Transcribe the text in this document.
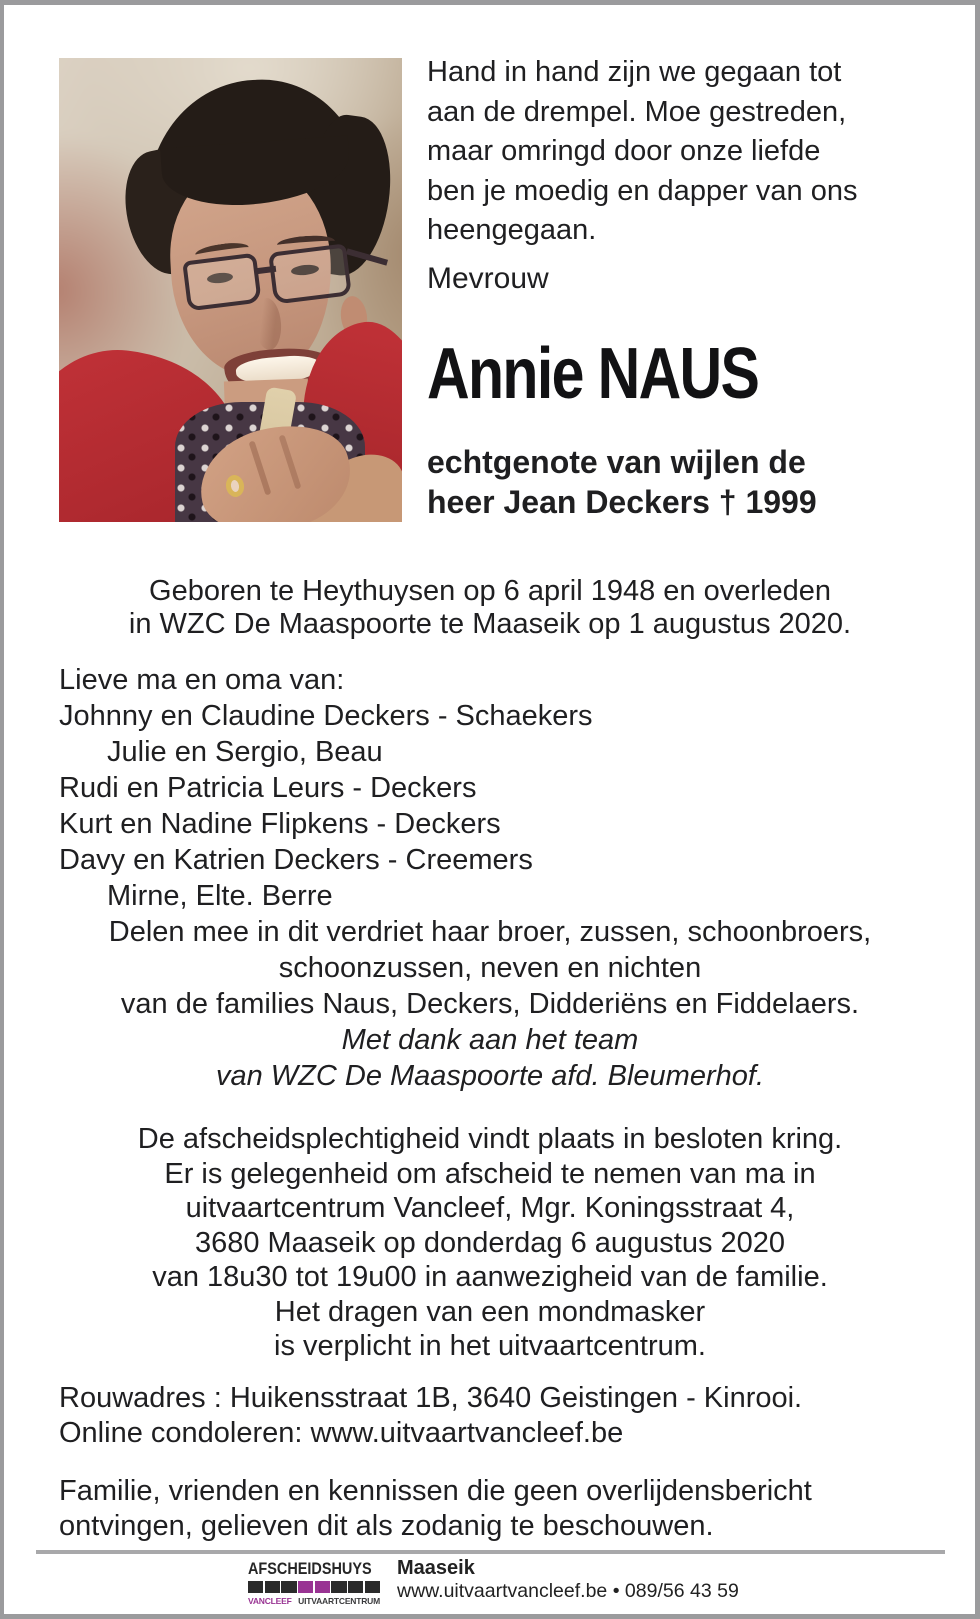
Hand in hand zijn we gegaan tot
aan de drempel. Moe gestreden,
maar omringd door onze liefde
ben je moedig en dapper van ons
heengegaan.
Mevrouw
Annie NAUS
echtgenote van wijlen de
heer Jean Deckers † 1999
Geboren te Heythuysen op 6 april 1948 en overleden
in WZC De Maaspoorte te Maaseik op 1 augustus 2020.
Lieve ma en oma van:
Johnny en Claudine Deckers - Schaekers
Julie en Sergio, Beau
Rudi en Patricia Leurs - Deckers
Kurt en Nadine Flipkens - Deckers
Davy en Katrien Deckers - Creemers
Mirne, Elte. Berre
Delen mee in dit verdriet haar broer, zussen, schoonbroers,
schoonzussen, neven en nichten
van de families Naus, Deckers, Didderiëns en Fiddelaers.
Met dank aan het team
van WZC De Maaspoorte afd. Bleumerhof.
De afscheidsplechtigheid vindt plaats in besloten kring.
Er is gelegenheid om afscheid te nemen van ma in
uitvaartcentrum Vancleef, Mgr. Koningsstraat 4,
3680 Maaseik op donderdag 6 augustus 2020
van 18u30 tot 19u00 in aanwezigheid van de familie.
Het dragen van een mondmasker
is verplicht in het uitvaartcentrum.
Rouwadres : Huikensstraat 1B, 3640 Geistingen - Kinrooi.
Online condoleren: www.uitvaartvancleef.be
Familie, vrienden en kennissen die geen overlijdensbericht
ontvingen, gelieven dit als zodanig te beschouwen.
AFSCHEIDSHUYS
VANCLEEF UITVAARTCENTRUM
Maaseik
www.uitvaartvancleef.be • 089/56 43 59
